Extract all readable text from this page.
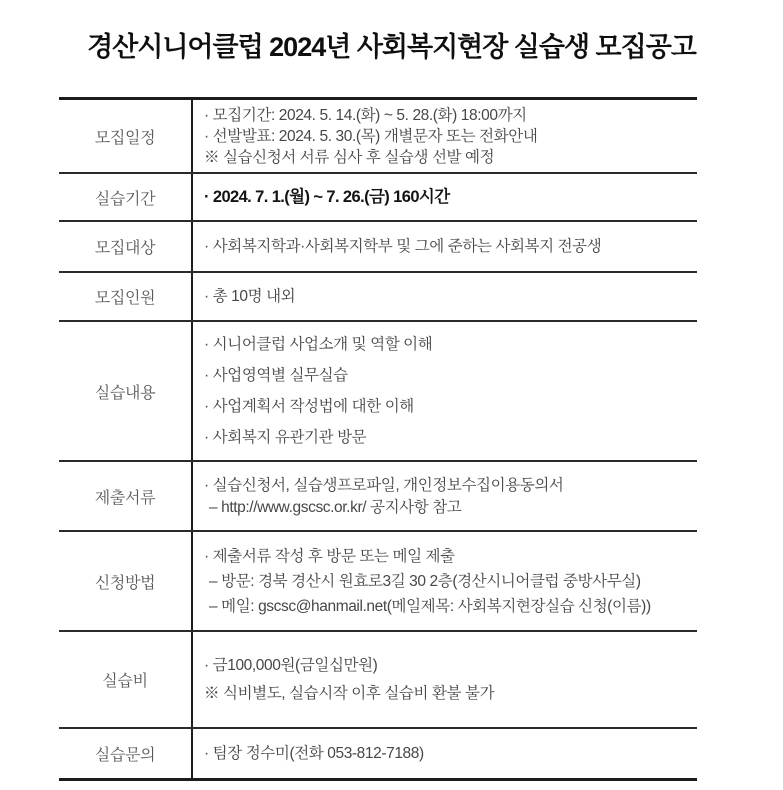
경산시니어클럽 2024년 사회복지현장 실습생 모집공고
모집일정
· 모집기간: 2024. 5. 14.(화) ~ 5. 28.(화) 18:00까지
· 선발발표: 2024. 5. 30.(목) 개별문자 또는 전화안내
※ 실습신청서 서류 심사 후 실습생 선발 예정
실습기간	· 2024. 7. 1.(월) ~ 7. 26.(금) 160시간
모집대상	· 사회복지학과·사회복지학부 및 그에 준하는 사회복지 전공생
모집인원	· 총 10명 내외
실습내용
· 시니어클럽 사업소개 및 역할 이해
· 사업영역별 실무실습
· 사업계획서 작성법에 대한 이해
· 사회복지 유관기관 방문
제출서류
· 실습신청서, 실습생프로파일, 개인정보수집이용동의서
– http://www.gscsc.or.kr/ 공지사항 참고
신청방법
· 제출서류 작성 후 방문 또는 메일 제출
– 방문: 경북 경산시 원효로3길 30 2층(경산시니어클럽 중방사무실)
– 메일: gscsc@hanmail.net(메일제목: 사회복지현장실습 신청(이름))
실습비
· 금100,000원(금일십만원)
※ 식비별도, 실습시작 이후 실습비 환불 불가
실습문의	· 팀장 정수미(전화 053-812-7188)
